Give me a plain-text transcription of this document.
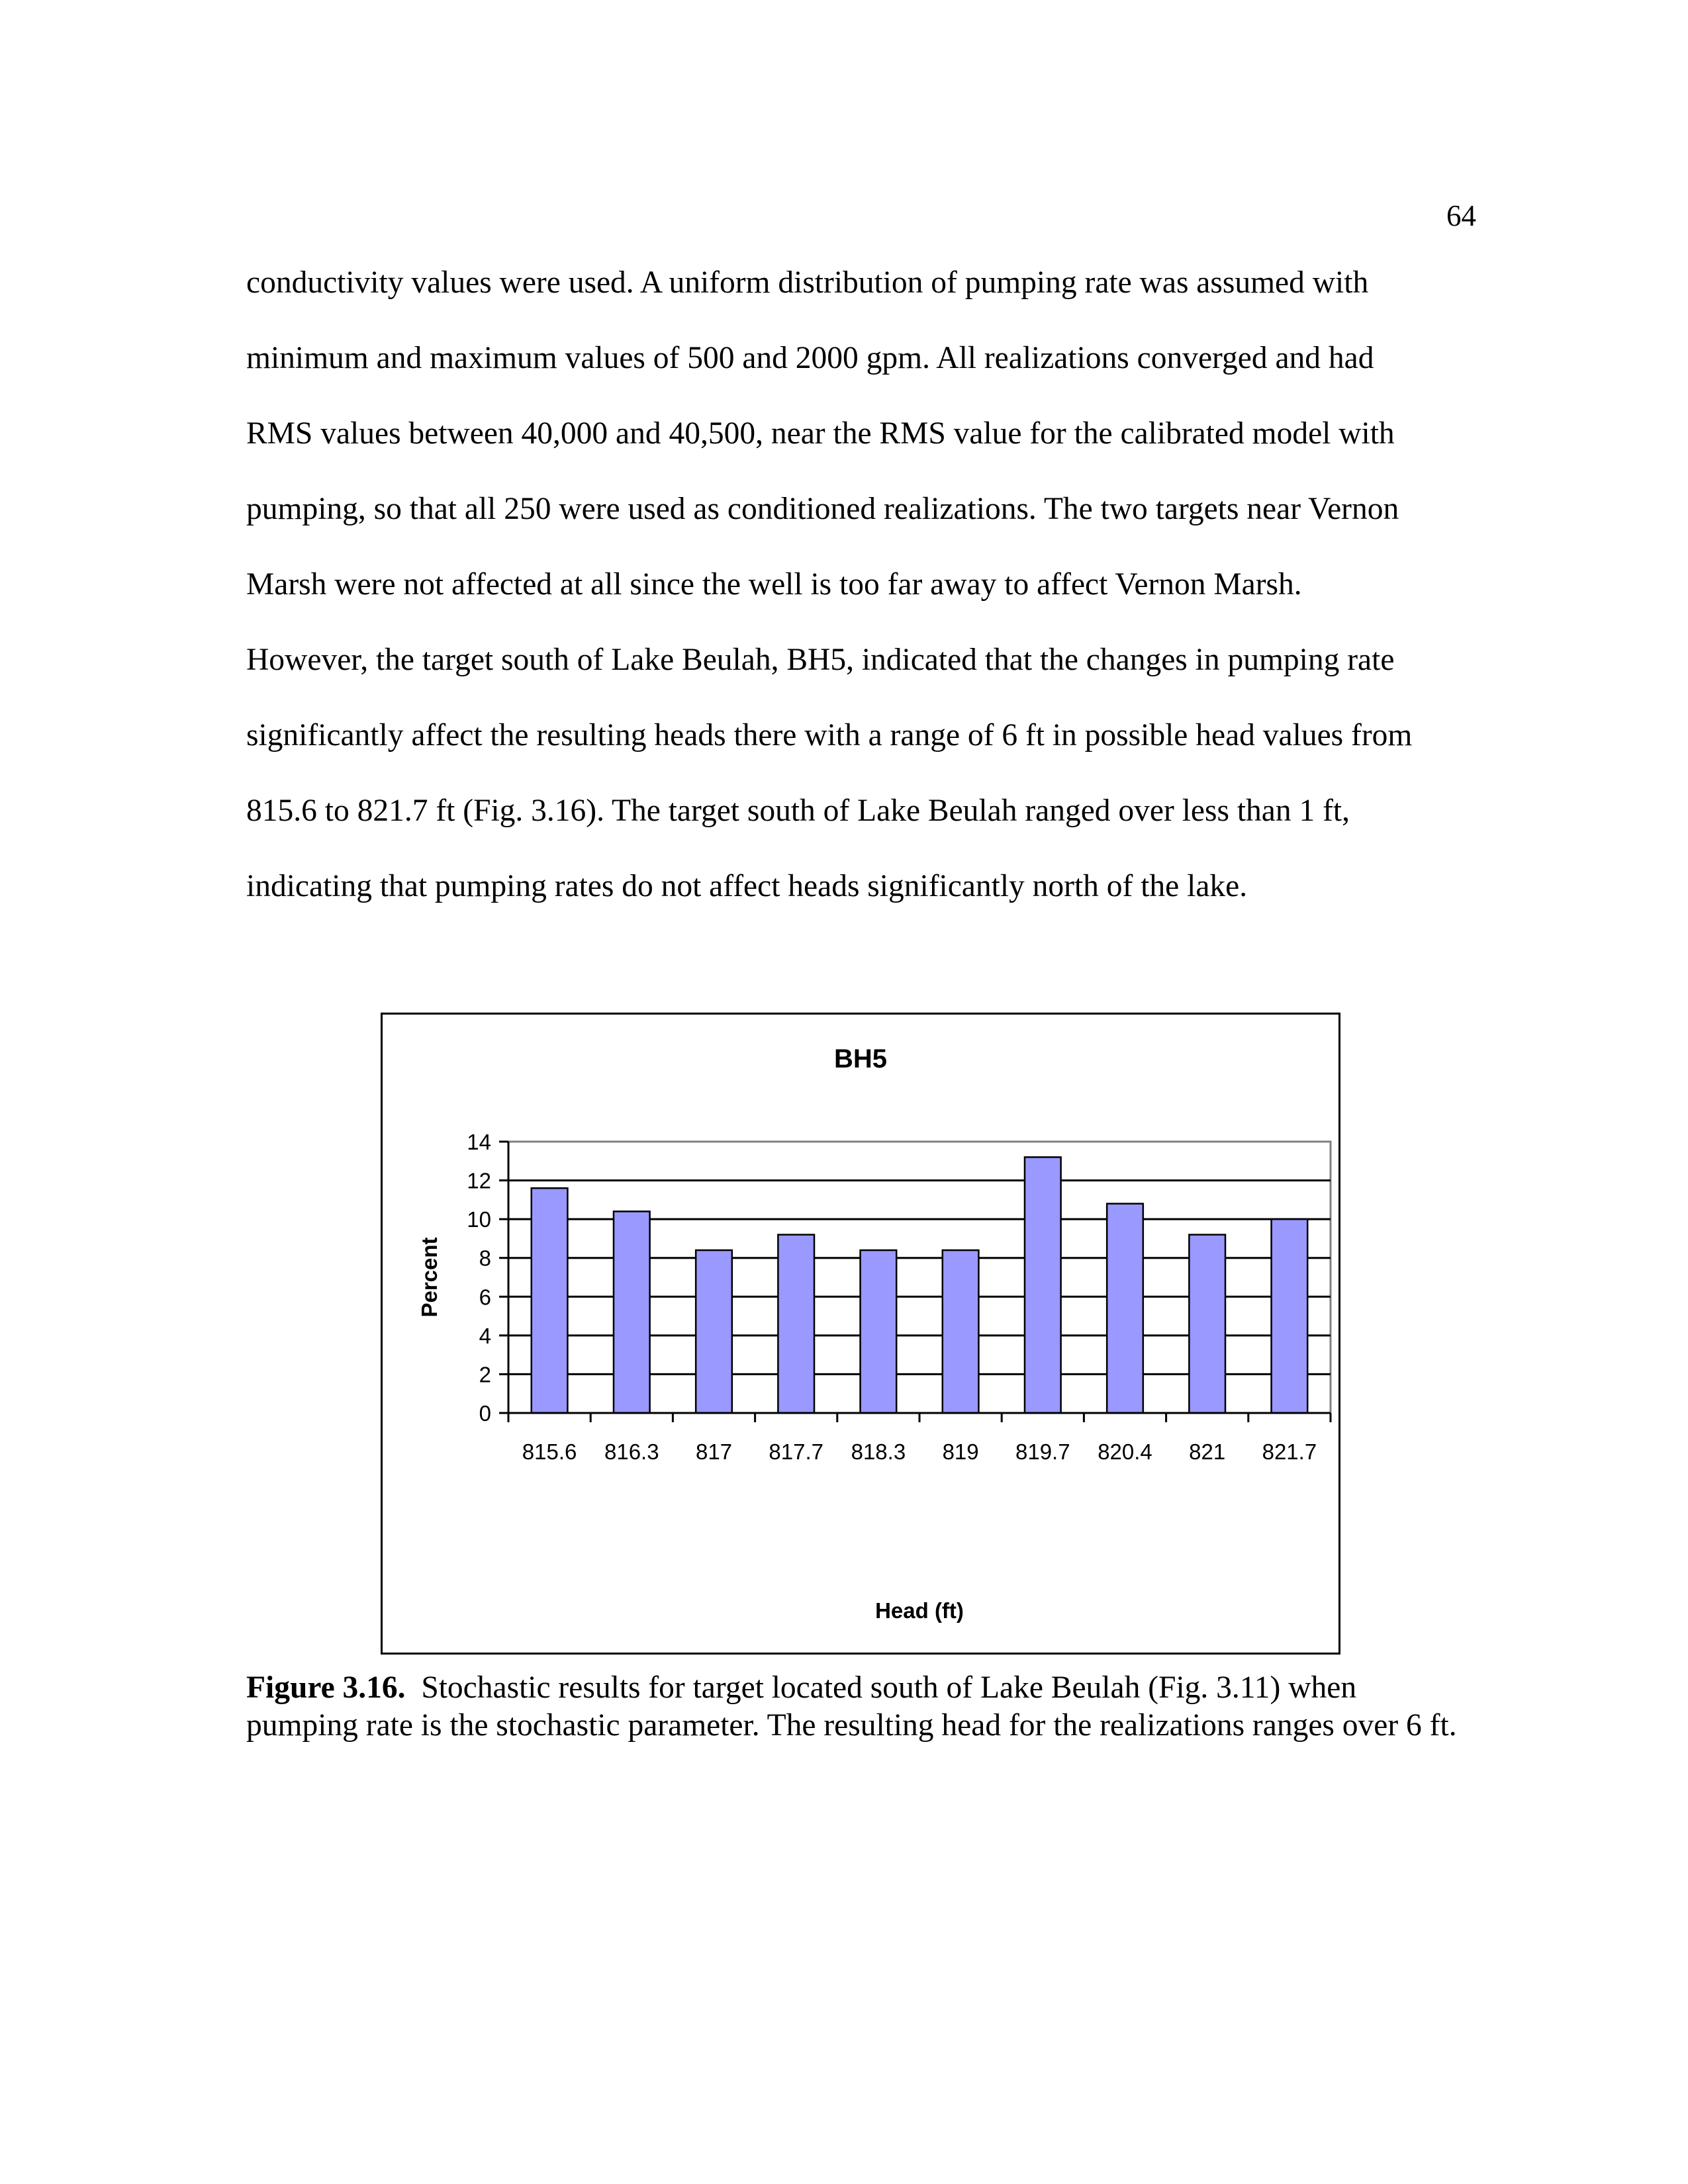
64
conductivity values were used. A uniform distribution of pumping rate was assumed with
minimum and maximum values of 500 and 2000 gpm. All realizations converged and had
RMS values between 40,000 and 40,500, near the RMS value for the calibrated model with
pumping, so that all 250 were used as conditioned realizations. The two targets near Vernon
Marsh were not affected at all since the well is too far away to affect Vernon Marsh.
However, the target south of Lake Beulah, BH5, indicated that the changes in pumping rate
significantly affect the resulting heads there with a range of 6 ft in possible head values from
815.6 to 821.7 ft (Fig. 3.16). The target south of Lake Beulah ranged over less than 1 ft,
indicating that pumping rates do not affect heads significantly north of the lake.
BH5
0
2
4
6
8
10
12
14
815.6 816.3 817 817.7 818.3 819 819.7 820.4 821 821.7
Percent
Head (ft)

Figure 3.16. Stochastic results for target located south of Lake Beulah (Fig. 3.11) when pumping rate is the stochastic parameter. The resulting head for the realizations ranges over 6 ft.
